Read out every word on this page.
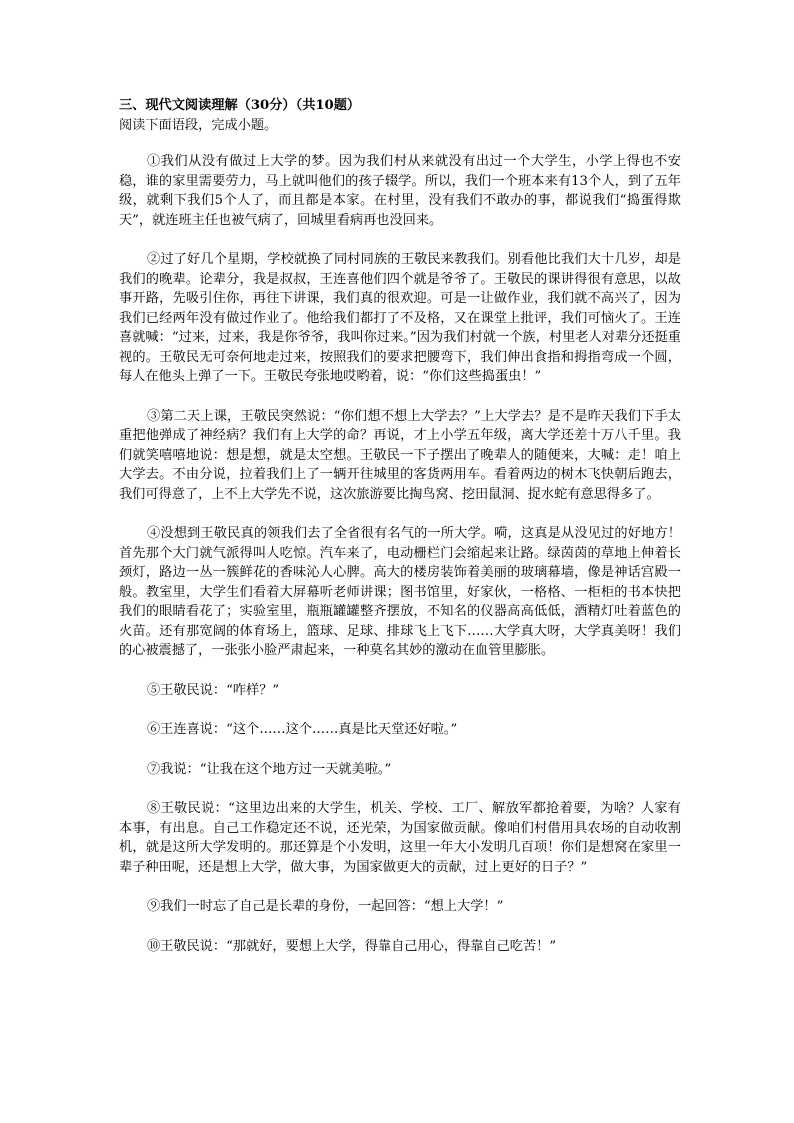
三、现代文阅读理解（30分）（共10题）

阅读下面语段，完成小题。

①我们从没有做过上大学的梦。因为我们村从来就没有出过一个大学生，小学上得也不安稳，谁的家里需要劳力，马上就叫他们的孩子辍学。所以，我们一个班本来有13个人，到了五年级，就剩下我们5个人了，而且都是本家。在村里，没有我们不敢办的事，都说我们“捣蛋得欺天”，就连班主任也被气病了，回城里看病再也没回来。

②过了好几个星期，学校就换了同村同族的王敬民来教我们。别看他比我们大十几岁，却是我们的晚辈。论辈分，我是叔叔，王连喜他们四个就是爷爷了。王敬民的课讲得很有意思，以故事开路，先吸引住你，再往下讲课，我们真的很欢迎。可是一让做作业，我们就不高兴了，因为我们已经两年没有做过作业了。他给我们都打了不及格，又在课堂上批评，我们可恼火了。王连喜就喊：“过来，过来，我是你爷爷，我叫你过来。”因为我们村就一个族，村里老人对辈分还挺重视的。王敬民无可奈何地走过来，按照我们的要求把腰弯下，我们伸出食指和拇指弯成一个圆，每人在他头上弹了一下。王敬民夸张地哎哟着，说：“你们这些捣蛋虫！”

③第二天上课，王敬民突然说：“你们想不想上大学去？”上大学去？是不是昨天我们下手太重把他弹成了神经病？我们有上大学的命？再说，才上小学五年级，离大学还差十万八千里。我们就笑嘻嘻地说：想是想，就是太空想。王敬民一下子摆出了晚辈人的随便来，大喊：走！咱上大学去。不由分说，拉着我们上了一辆开往城里的客货两用车。看着两边的树木飞快朝后跑去，我们可得意了，上不上大学先不说，这次旅游要比掏鸟窝、挖田鼠洞、捉水蛇有意思得多了。

④没想到王敬民真的领我们去了全省很有名气的一所大学。嗬，这真是从没见过的好地方！首先那个大门就气派得叫人吃惊。汽车来了，电动栅栏门会缩起来让路。绿茵茵的草地上伸着长颈灯，路边一丛一簇鲜花的香味沁人心脾。高大的楼房装饰着美丽的玻璃幕墙，像是神话宫殿一般。教室里，大学生们看着大屏幕听老师讲课；图书馆里，好家伙，一格格、一柜柜的书本快把我们的眼睛看花了；实验室里，瓶瓶罐罐整齐摆放，不知名的仪器高高低低，酒精灯吐着蓝色的火苗。还有那宽阔的体育场上，篮球、足球、排球飞上飞下……大学真大呀，大学真美呀！我们的心被震撼了，一张张小脸严肃起来，一种莫名其妙的激动在血管里膨胀。

⑤王敬民说：“咋样？”

⑥王连喜说：“这个……这个……真是比天堂还好啦。”

⑦我说：“让我在这个地方过一天就美啦。”

⑧王敬民说：“这里边出来的大学生，机关、学校、工厂、解放军都抢着要，为啥？人家有本事，有出息。自己工作稳定还不说，还光荣，为国家做贡献。像咱们村借用具农场的自动收割机，就是这所大学发明的。那还算是个小发明，这里一年大小发明几百项！你们是想窝在家里一辈子种田呢，还是想上大学，做大事，为国家做更大的贡献，过上更好的日子？”

⑨我们一时忘了自己是长辈的身份，一起回答：“想上大学！”

⑩王敬民说：“那就好，要想上大学，得靠自己用心，得靠自己吃苦！”
